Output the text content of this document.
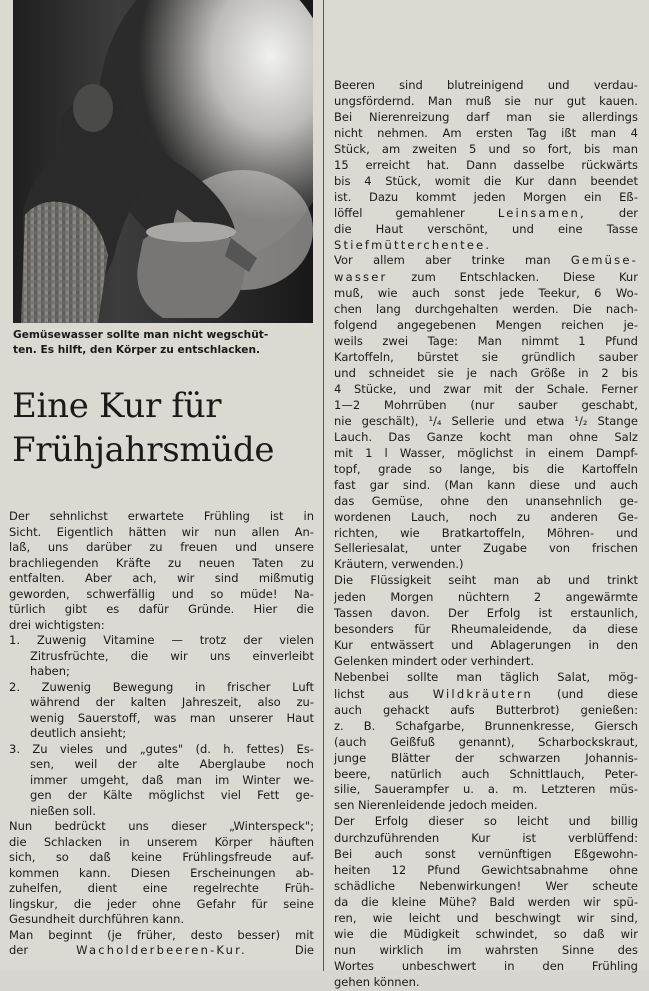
Gemüsewasser sollte man nicht wegschüt-
ten. Es hilft, den Körper zu entschlacken.

Eine Kur für
Frühjahrsmüde
Der sehnlichst erwartete Frühling ist in
Sicht. Eigentlich hätten wir nun allen An-
laß, uns darüber zu freuen und unsere
brachliegenden Kräfte zu neuen Taten zu
entfalten. Aber ach, wir sind mißmutig
geworden, schwerfällig und so müde! Na-
türlich gibt es dafür Gründe. Hier die
drei wichtigsten:
1. Zuwenig Vitamine — trotz der vielen
Zitrusfrüchte, die wir uns einverleibt
haben;
2. Zuwenig Bewegung in frischer Luft
während der kalten Jahreszeit, also zu-
wenig Sauerstoff, was man unserer Haut
deutlich ansieht;
3. Zu vieles und „gutes" (d. h. fettes) Es-
sen, weil der alte Aberglaube noch
immer umgeht, daß man im Winter we-
gen der Kälte möglichst viel Fett ge-
nießen soll.
Nun bedrückt uns dieser „Winterspeck";
die Schlacken in unserem Körper häuften
sich, so daß keine Frühlingsfreude auf-
kommen kann. Diesen Erscheinungen ab-
zuhelfen, dient eine regelrechte Früh-
lingskur, die jeder ohne Gefahr für seine
Gesundheit durchführen kann.
Man beginnt (je früher, desto besser) mit
der	Wacholderbeeren-Kur.	Die
Beeren sind blutreinigend und verdau-
ungsfördernd. Man muß sie nur gut kauen.
Bei Nierenreizung darf man sie allerdings
nicht nehmen. Am ersten Tag ißt man 4
Stück, am zweiten 5 und so fort, bis man
15 erreicht hat. Dann dasselbe rückwärts
bis 4 Stück, womit die Kur dann beendet
ist. Dazu kommt jeden Morgen ein Eß-
löffel	gemahlener	Leinsamen,	der
die Haut verschönt, und eine Tasse
Stiefmütterchentee.
Vor allem aber trinke man Gemüse-
wasser zum Entschlacken. Diese Kur
muß, wie auch sonst jede Teekur, 6 Wo-
chen lang durchgehalten werden. Die nach-
folgend angegebenen Mengen reichen je-
weils zwei Tage: Man nimmt 1 Pfund
Kartoffeln, bürstet sie gründlich sauber
und schneidet sie je nach Größe in 2 bis
4 Stücke, und zwar mit der Schale. Ferner
1—2 Mohrrüben (nur sauber geschabt,
nie geschält), ¹/₄ Sellerie und etwa ¹/₂ Stange
Lauch. Das Ganze kocht man ohne Salz
mit 1 l Wasser, möglichst in einem Dampf-
topf, grade so lange, bis die Kartoffeln
fast gar sind. (Man kann diese und auch
das Gemüse, ohne den unansehnlich ge-
wordenen Lauch, noch zu anderen Ge-
richten, wie Bratkartoffeln, Möhren- und
Selleriesalat, unter Zugabe von frischen
Kräutern, verwenden.)
Die Flüssigkeit seiht man ab und trinkt
jeden Morgen nüchtern 2 angewärmte
Tassen davon. Der Erfolg ist erstaunlich,
besonders für Rheumaleidende, da diese
Kur entwässert und Ablagerungen in den
Gelenken mindert oder verhindert.
Nebenbei sollte man täglich Salat, mög-
lichst aus Wildkräutern (und diese
auch gehackt aufs Butterbrot) genießen:
z. B. Schafgarbe, Brunnenkresse, Giersch
(auch Geißfuß genannt), Scharbockskraut,
junge Blätter der schwarzen Johannis-
beere, natürlich auch Schnittlauch, Peter-
silie, Sauerampfer u. a. m. Letzteren müs-
sen Nierenleidende jedoch meiden.
Der Erfolg dieser so leicht und billig
durchzuführenden	Kur	ist	verblüffend:
Bei auch sonst vernünftigen Eßgewohn-
heiten 12 Pfund Gewichtsabnahme ohne
schädliche Nebenwirkungen! Wer scheute
da die kleine Mühe? Bald werden wir spü-
ren, wie leicht und beschwingt wir sind,
wie die Müdigkeit schwindet, so daß wir
nun wirklich im wahrsten Sinne des
Wortes unbeschwert in den Frühling
gehen können.
